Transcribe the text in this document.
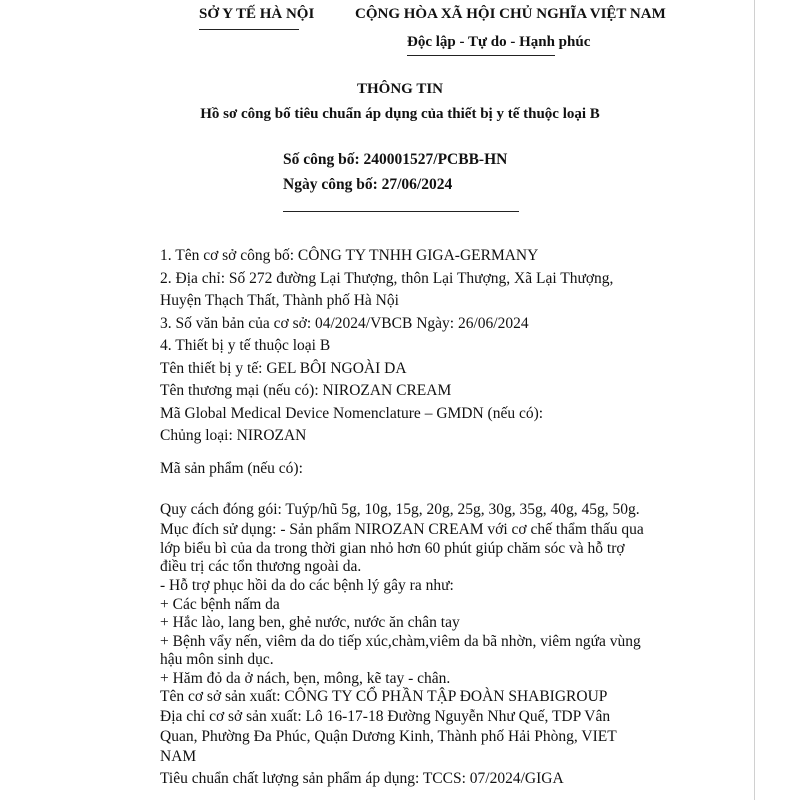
SỞ Y TẾ HÀ NỘI	CỘNG HÒA XÃ HỘI CHỦ NGHĨA VIỆT NAM
Độc lập - Tự do - Hạnh phúc
THÔNG TIN
Hồ sơ công bố tiêu chuẩn áp dụng của thiết bị y tế thuộc loại B
Số công bố: 240001527/PCBB-HN
Ngày công bố: 27/06/2024
1. Tên cơ sở công bố: CÔNG TY TNHH GIGA-GERMANY
2. Địa chỉ: Số 272 đường Lại Thượng, thôn Lại Thượng, Xã Lại Thượng,
Huyện Thạch Thất, Thành phố Hà Nội
3. Số văn bản của cơ sở: 04/2024/VBCB Ngày: 26/06/2024
4. Thiết bị y tế thuộc loại B
Tên thiết bị y tế: GEL BÔI NGOÀI DA
Tên thương mại (nếu có): NIROZAN CREAM
Mã Global Medical Device Nomenclature – GMDN (nếu có):
Chủng loại: NIROZAN
Mã sản phẩm (nếu có):
Quy cách đóng gói: Tuýp/hũ 5g, 10g, 15g, 20g, 25g, 30g, 35g, 40g, 45g, 50g.
Mục đích sử dụng: - Sản phẩm NIROZAN CREAM với cơ chế thẩm thấu qua
lớp biểu bì của da trong thời gian nhỏ hơn 60 phút giúp chăm sóc và hỗ trợ
điều trị các tổn thương ngoài da.
- Hỗ trợ phục hồi da do các bệnh lý gây ra như:
+ Các bệnh nấm da
+ Hắc lào, lang ben, ghẻ nước, nước ăn chân tay
+ Bệnh vẩy nến, viêm da do tiếp xúc,chàm,viêm da bã nhờn, viêm ngứa vùng
hậu môn sinh dục.
+ Hăm đỏ da ở nách, bẹn, mông, kẽ tay - chân.
Tên cơ sở sản xuất: CÔNG TY CỔ PHẦN TẬP ĐOÀN SHABIGROUP
Địa chỉ cơ sở sản xuất: Lô 16-17-18 Đường Nguyễn Như Quế, TDP Vân
Quan, Phường Đa Phúc, Quận Dương Kinh, Thành phố Hải Phòng, VIET
NAM
Tiêu chuẩn chất lượng sản phẩm áp dụng: TCCS: 07/2024/GIGA
